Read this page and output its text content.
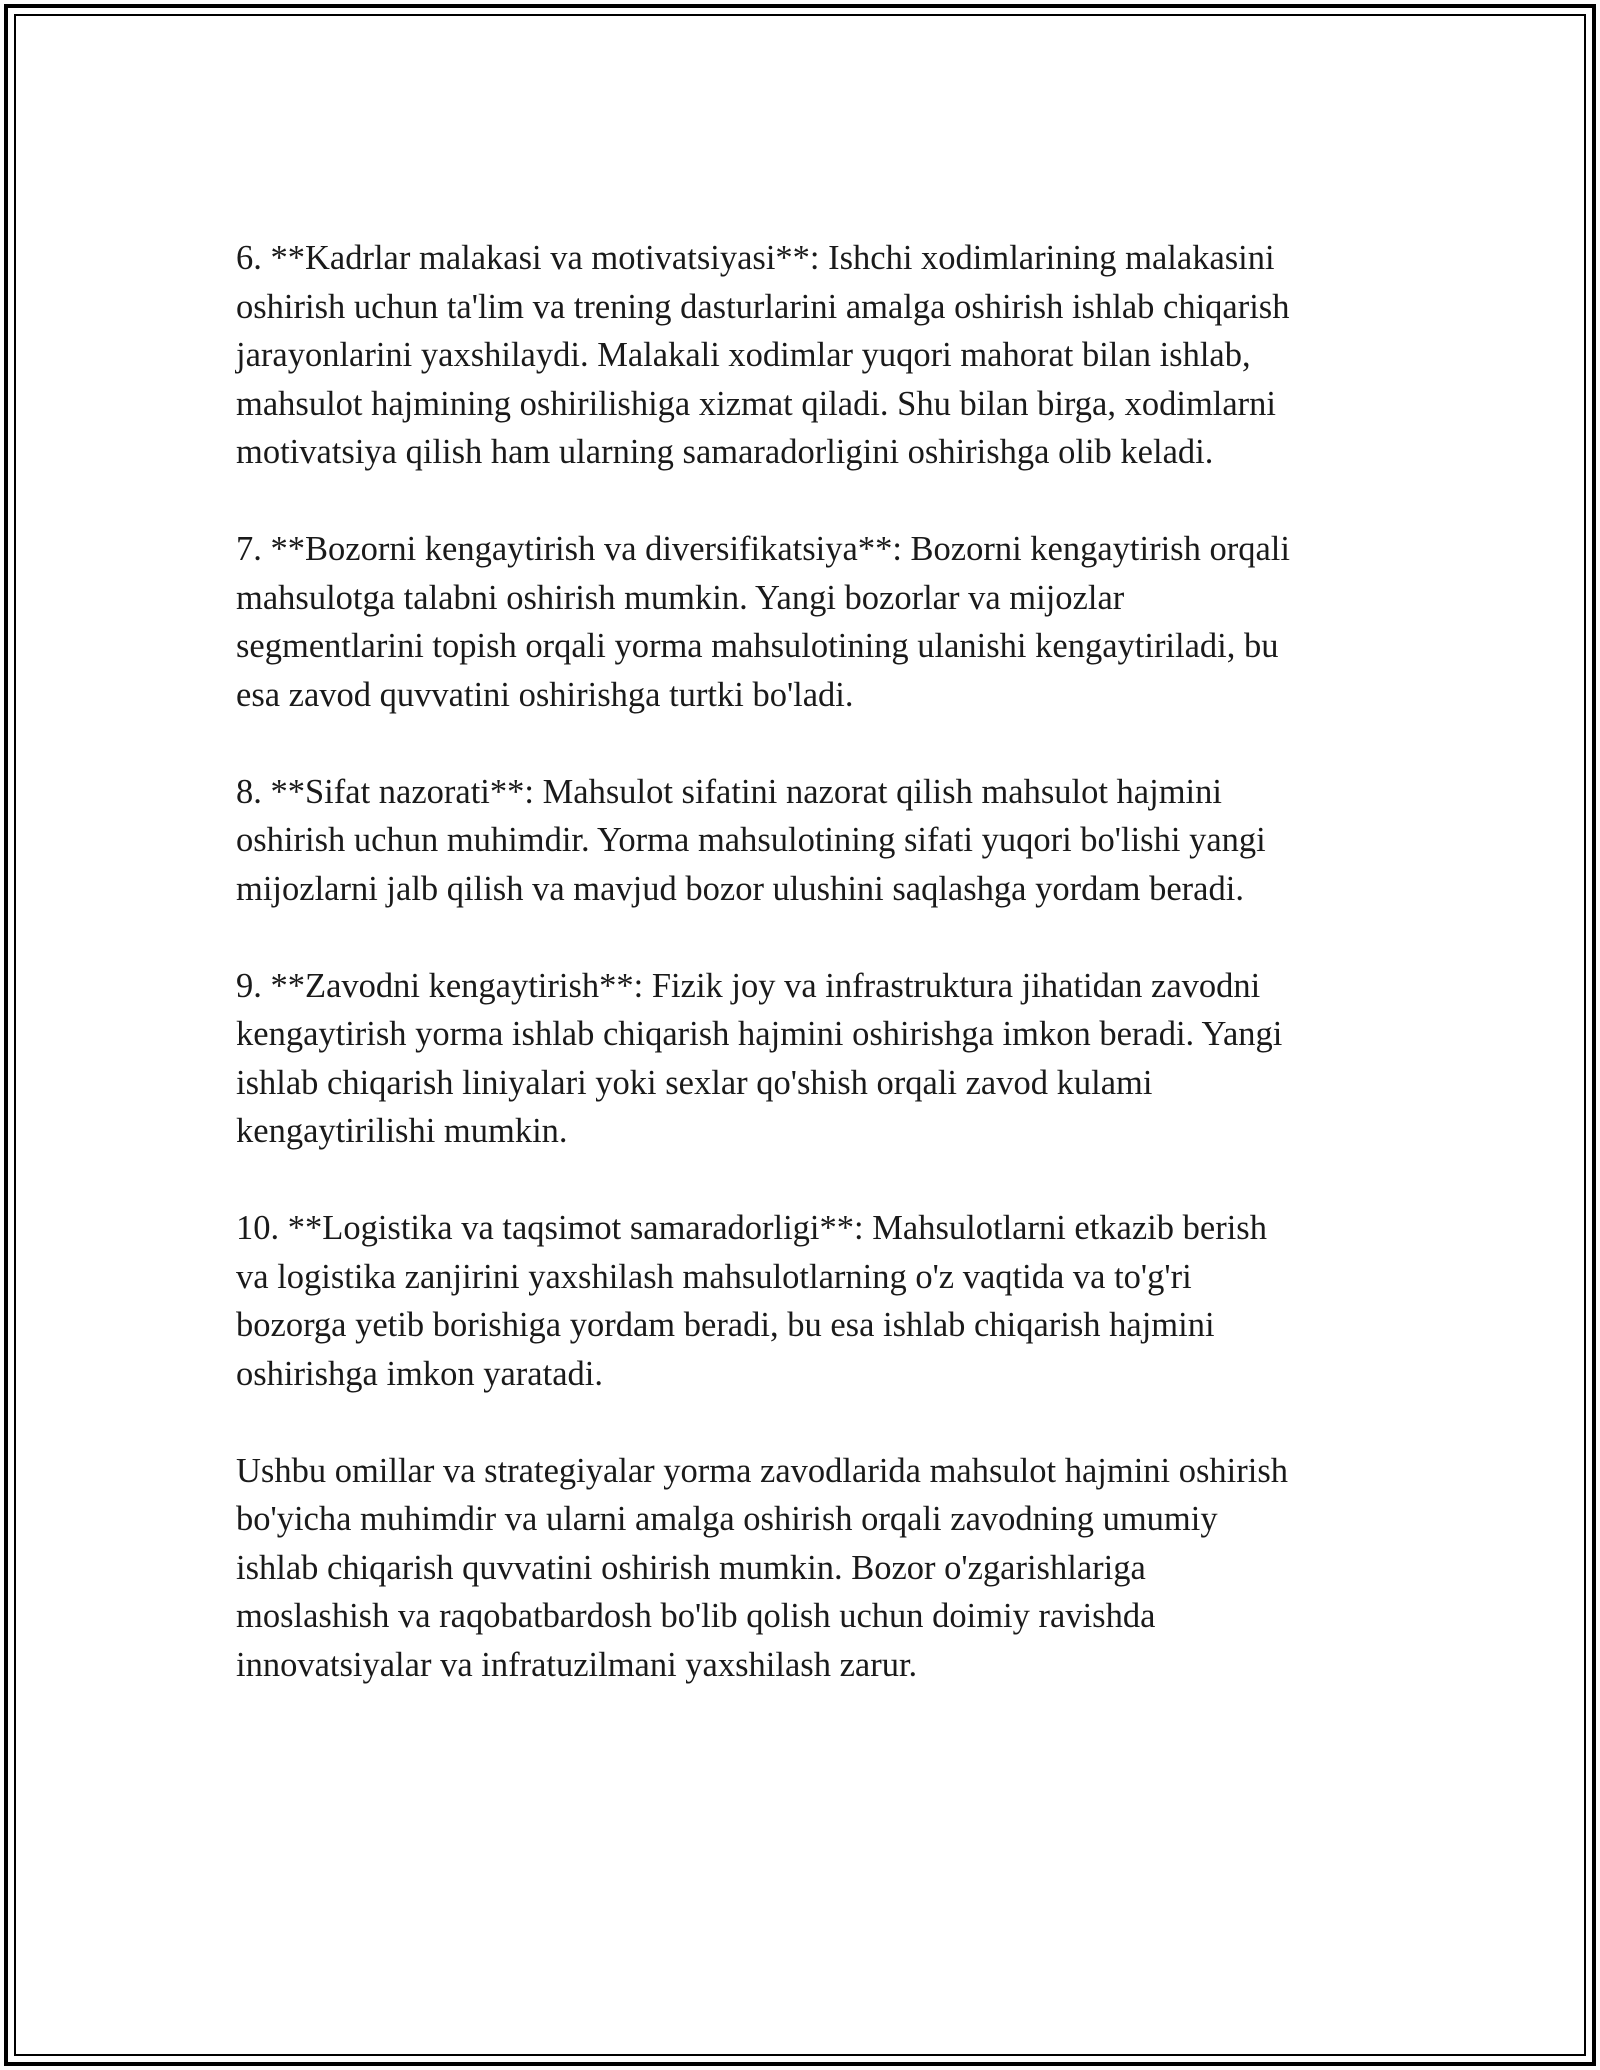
6. **Kadrlar malakasi va motivatsiyasi**: Ishchi xodimlarining malakasini
oshirish uchun ta'lim va trening dasturlarini amalga oshirish ishlab chiqarish
jarayonlarini yaxshilaydi. Malakali xodimlar yuqori mahorat bilan ishlab,
mahsulot hajmining oshirilishiga xizmat qiladi. Shu bilan birga, xodimlarni
motivatsiya qilish ham ularning samaradorligini oshirishga olib keladi.

7. **Bozorni kengaytirish va diversifikatsiya**: Bozorni kengaytirish orqali
mahsulotga talabni oshirish mumkin. Yangi bozorlar va mijozlar
segmentlarini topish orqali yorma mahsulotining ulanishi kengaytiriladi, bu
esa zavod quvvatini oshirishga turtki bo'ladi.

8. **Sifat nazorati**: Mahsulot sifatini nazorat qilish mahsulot hajmini
oshirish uchun muhimdir. Yorma mahsulotining sifati yuqori bo'lishi yangi
mijozlarni jalb qilish va mavjud bozor ulushini saqlashga yordam beradi.

9. **Zavodni kengaytirish**: Fizik joy va infrastruktura jihatidan zavodni
kengaytirish yorma ishlab chiqarish hajmini oshirishga imkon beradi. Yangi
ishlab chiqarish liniyalari yoki sexlar qo'shish orqali zavod kulami
kengaytirilishi mumkin.

10. **Logistika va taqsimot samaradorligi**: Mahsulotlarni etkazib berish
va logistika zanjirini yaxshilash mahsulotlarning o'z vaqtida va to'g'ri
bozorga yetib borishiga yordam beradi, bu esa ishlab chiqarish hajmini
oshirishga imkon yaratadi.

Ushbu omillar va strategiyalar yorma zavodlarida mahsulot hajmini oshirish
bo'yicha muhimdir va ularni amalga oshirish orqali zavodning umumiy
ishlab chiqarish quvvatini oshirish mumkin. Bozor o'zgarishlariga
moslashish va raqobatbardosh bo'lib qolish uchun doimiy ravishda
innovatsiyalar va infratuzilmani yaxshilash zarur.
